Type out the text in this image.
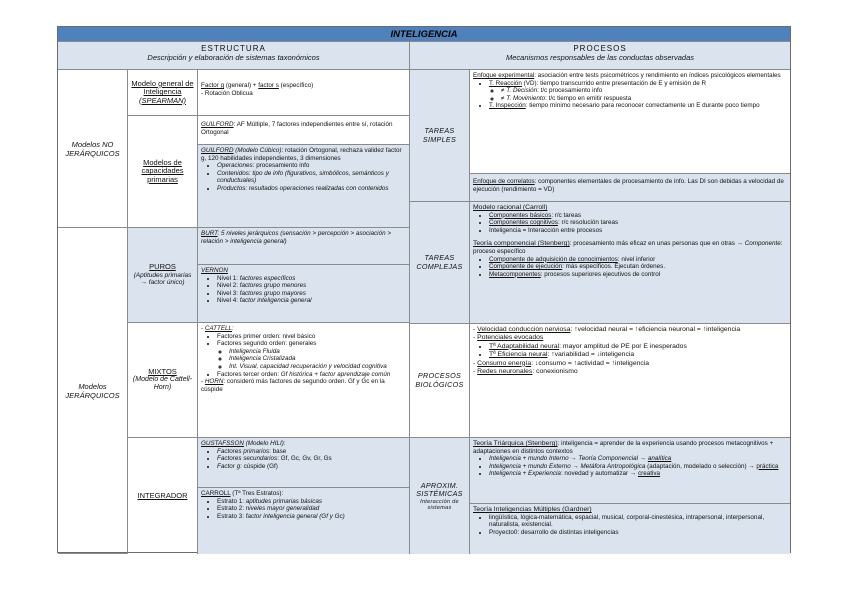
INTELIGENCIA
ESTRUCTURA
Descripción y elaboración de sistemas taxonómicos
PROCESOS
Mecanismos responsables de las conductas observadas
Modelos NO JERÁRQUICOS
Modelo general de Inteligencia
(SPEARMAN)
Factor g (general) + factor s (específico)
- Rotación Oblicua
Modelos de capacidades primarias
GUILFORD: AF Múltiple, 7 factores independientes entre sí, rotación Ortogonal
GUILFORD (Modelo Cúbico): rotación Ortogonal, rechaza validez factor g, 120 habilidades independientes, 3 dimensiones
• Operaciones: procesamiento info
• Contenidos: tipo de info (figurativos, simbólicos, semánticos y conductuales)
• Productos: resultados operaciones realizadas con contenidos
Modelos JERÁRQUICOS
PUROS
(Aptitudes primarias → factor único)
BURT: 5 niveles jerárquicos (sensación > percepción > asociación > relación > inteligencia general)
VERNON
• Nivel 1: factores específicos
• Nivel 2: factores grupo menores
• Nivel 3: factores grupo mayores
• Nivel 4: factor inteligencia general
MIXTOS
(Modelo de Cattell-Horn)
- CATTELL:
• Factores primer orden: nivel básico
• Factores segundo orden: generales
◦ Inteligencia Fluida
◦ Inteligencia Cristalizada
◦ Int. Visual, capacidad recuperación y velocidad cognitiva
• Factores tercer orden: Gf histórica + factor aprendizaje común
- HORN: consideró más factores de segundo orden. Gf y Gc en la cúspide
INTEGRADOR
GUSTAFSSON (Modelo HILI):
• Factores primarios: base
• Factores secundarios: Gf, Gc, Gv, Gr, Gs
• Factor g: cúspide (Gf)
CARROLL (Tª Tres Estratos):
• Estrato 1: aptitudes primarias básicas
• Estrato 2: niveles mayor generalidad
• Estrato 3: factor inteligencia general (Gf y Gc)
TAREAS SIMPLES
Enfoque experimental: asociación entre tests psicométricos y rendimiento en índices psicológicos elementales
• T. Reacción (VD): tiempo transcurrido entre presentación de E y emisión de R
◦ ≠ T. Decisión: t/c procesamiento info
◦ ≠ T. Movimiento: t/c tiempo en emitir respuesta
• T. Inspección: tiempo mínimo necesario para reconocer correctamente un E durante poco tiempo
Enfoque de correlatos: componentes elementales de procesamiento de info. Las DI son debidas a velocidad de ejecución (rendimiento = VD)
TAREAS COMPLEJAS
Modelo racional (Carroll)
• Componentes básicos: r/c tareas
• Componentes cognitivos: r/c resolución tareas
• Inteligencia = Interacción entre procesos
Teoría componencial (Stenberg): procesamiento más eficaz en unas personas que en otras → Componente: proceso específico
• Componente de adquisición de conocimientos: nivel inferior
• Componente de ejecución: más específicos. Ejecutan órdenes.
• Metacomponentes: procesos superiores ejecutivos de control
PROCESOS BIOLÓGICOS
- Velocidad conducción nerviosa: ↑velocidad neural = ↑eficiencia neuronal = ↑inteligencia
- Potenciales evocados
• Tª Adaptabilidad neural: mayor amplitud de PE por E inesperados
• Tª Eficiencia neural: ↑variabilidad = ↓inteligencia
- Consumo energía: ↓consumo = ↑actividad = ↑inteligencia
- Redes neuronales: conexionismo
APROXIM. SISTÉMICAS
Interacción de sistemas
Teoría Triárquica (Stenberg): inteligencia = aprender de la experiencia usando procesos metacognitivos + adaptaciones en distintos contextos
• Inteligencia + mundo Interno → Teoría Componencial → analítica
• Inteligencia + mundo Externo → Metáfora Antropológica (adaptación, modelado o selección) → práctica
• Inteligencia + Experiencia: novedad y automatizar → creativa
Teoría Inteligencias Múltiples (Gardner)
• lingüística, lógica-matemática, espacial, musical, corporal-cinestésica, intrapersonal, interpersonal, naturalista, existencial.
• Proyecto0: desarrollo de distintas inteligencias
